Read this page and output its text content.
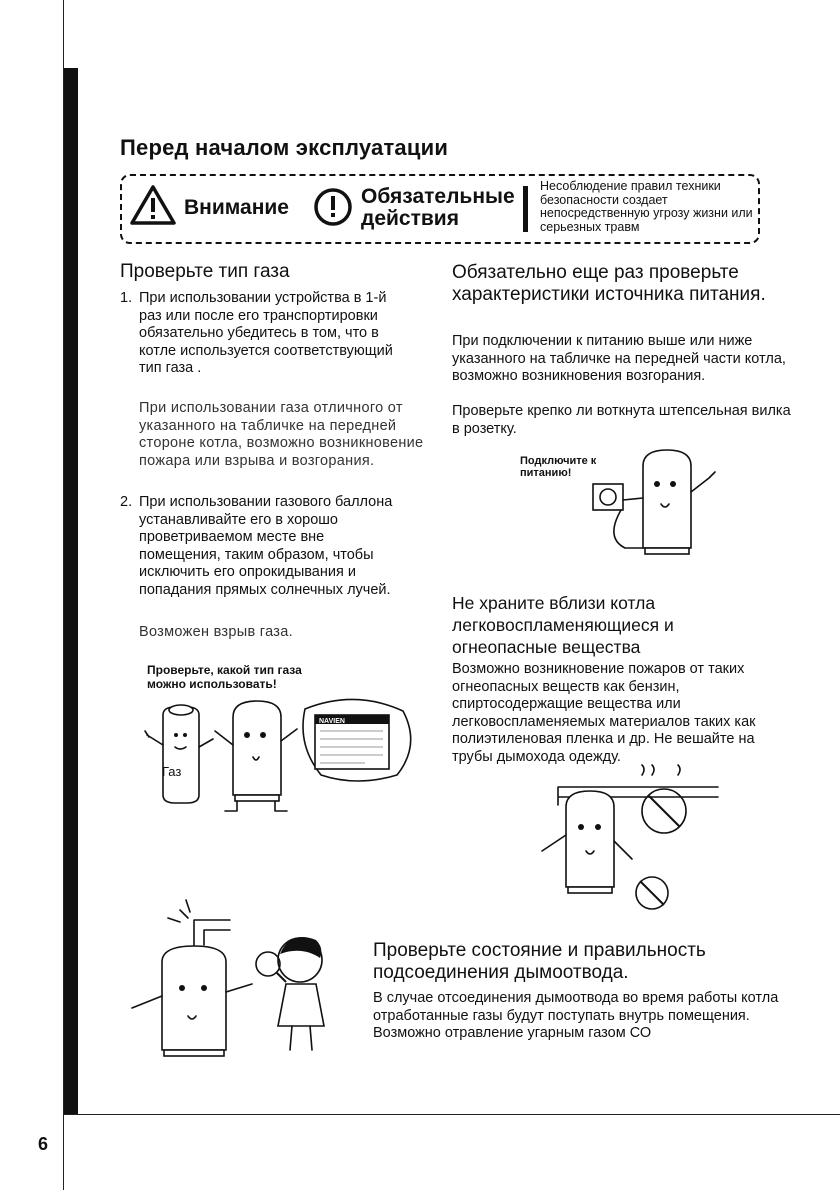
6
Перед началом эксплуатации
Внимание	Обязательные
действия
Несоблюдение правил техники безопасности создает непосредственную угрозу жизни или серьезных травм
Проверьте тип газа
1. При использовании устройства в 1-й раз или после его транспортировки обязательно убедитесь в том, что в котле используется соответствующий тип газа .
При использовании газа отличного от указанного на табличке на передней стороне котла, возможно возникновение пожара или взрыва и возгорания.
2. При использовании газового баллона устанавливайте его в хорошо проветриваемом месте вне помещения, таким образом, чтобы исключить его опрокидывания и попадания прямых солнечных лучей.
Возможен взрыв газа.
Проверьте, какой тип газа можно использовать!
NAVIEN
Газ
Обязательно еще раз проверьте характеристики источника питания.
При подключении к питанию выше или ниже указанного на табличке на передней части котла, возможно возникновения возгорания.
Проверьте крепко ли воткнута штепсельная вилка в розетку.
Подключите к питанию!
Не храните вблизи котла легковоспламеняющиеся и огнеопасные вещества
Возможно возникновение пожаров от таких огнеопасных веществ как бензин, спиртосодержащие вещества или легковоспламеняемых материалов таких как полиэтиленовая пленка и др. Не вешайте на трубы дымохода одежду.
Проверьте состояние и правильность подсоединения дымоотвода.
В случае отсоединения дымоотвода во время работы котла отработанные газы будут поступать внутрь помещения. Возможно отравление угарным газом СО
